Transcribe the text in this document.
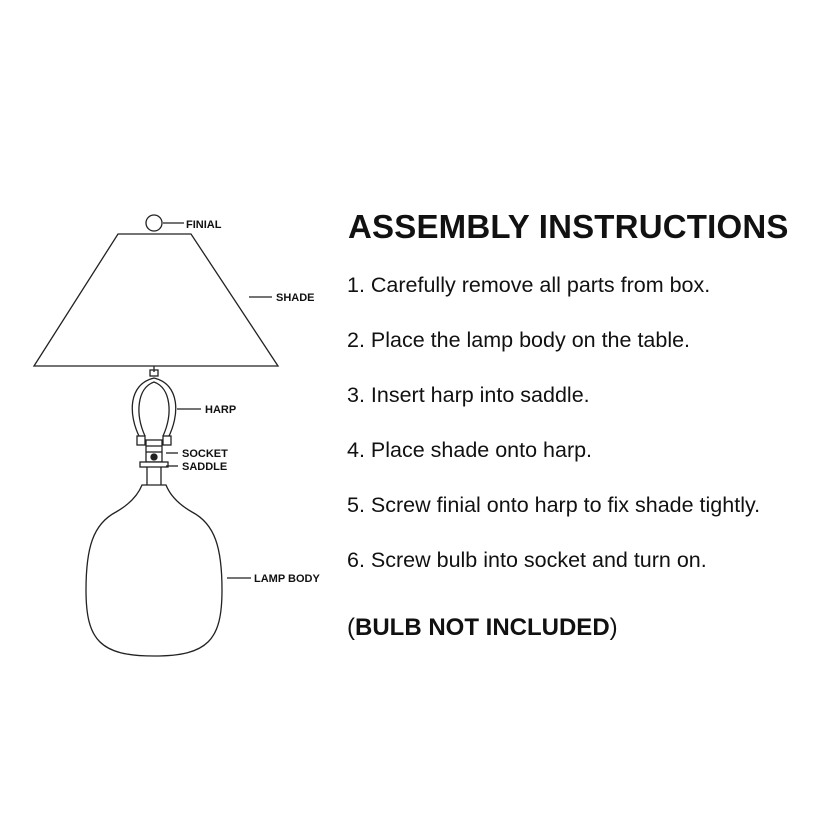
FINIAL
SHADE
HARP
SOCKET
SADDLE
LAMP BODY
ASSEMBLY INSTRUCTIONS
1. Carefully remove all parts from box.
2. Place the lamp body on the table.
3. Insert harp into saddle.
4. Place shade onto harp.
5. Screw finial onto harp to fix shade tightly.
6. Screw bulb into socket and turn on.
(BULB NOT INCLUDED)
